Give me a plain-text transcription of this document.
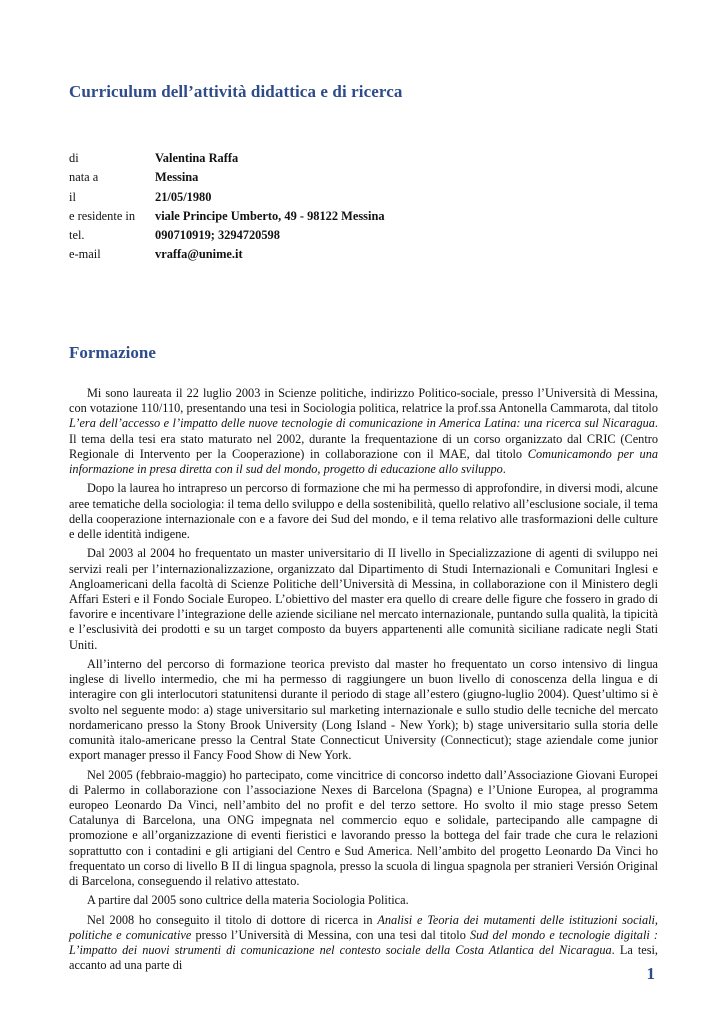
Curriculum dell’attività didattica e di ricerca
di	Valentina Raffa
nata a	Messina
il	21/05/1980
e residente in	viale Principe Umberto, 49 - 98122 Messina
tel.	090710919; 3294720598
e-mail	vraffa@unime.it
Formazione

Mi sono laureata il 22 luglio 2003 in Scienze politiche, indirizzo Politico-sociale, presso l’Università di Messina, con votazione 110/110, presentando una tesi in Sociologia politica, relatrice la prof.ssa Antonella Cammarota, dal titolo L’era dell’accesso e l’impatto delle nuove tecnologie di comunicazione in America Latina: una ricerca sul Nicaragua. Il tema della tesi era stato maturato nel 2002, durante la frequentazione di un corso organizzato dal CRIC (Centro Regionale di Intervento per la Cooperazione) in collaborazione con il MAE, dal titolo Comunicamondo per una informazione in presa diretta con il sud del mondo, progetto di educazione allo sviluppo.

Dopo la laurea ho intrapreso un percorso di formazione che mi ha permesso di approfondire, in diversi modi, alcune aree tematiche della sociologia: il tema dello sviluppo e della sostenibilità, quello relativo all’esclusione sociale, il tema della cooperazione internazionale con e a favore dei Sud del mondo, e il tema relativo alle trasformazioni delle culture e delle identità indigene.

Dal 2003 al 2004 ho frequentato un master universitario di II livello in Specializzazione di agenti di sviluppo nei servizi reali per l’internazionalizzazione, organizzato dal Dipartimento di Studi Internazionali e Comunitari Inglesi e Angloamericani della facoltà di Scienze Politiche dell’Università di Messina, in collaborazione con il Ministero degli Affari Esteri e il Fondo Sociale Europeo. L’obiettivo del master era quello di creare delle figure che fossero in grado di favorire e incentivare l’integrazione delle aziende siciliane nel mercato internazionale, puntando sulla qualità, la tipicità e l’esclusività dei prodotti e su un target composto da buyers appartenenti alle comunità siciliane radicate negli Stati Uniti.

All’interno del percorso di formazione teorica previsto dal master ho frequentato un corso intensivo di lingua inglese di livello intermedio, che mi ha permesso di raggiungere un buon livello di conoscenza della lingua e di interagire con gli interlocutori statunitensi durante il periodo di stage all’estero (giugno-luglio 2004). Quest’ultimo si è svolto nel seguente modo: a) stage universitario sul marketing internazionale e sullo studio delle tecniche del mercato nordamericano presso la Stony Brook University (Long Island - New York); b) stage universitario sulla storia delle comunità italo-americane presso la Central State Connecticut University (Connecticut); stage aziendale come junior export manager presso il Fancy Food Show di New York.

Nel 2005 (febbraio-maggio) ho partecipato, come vincitrice di concorso indetto dall’Associazione Giovani Europei di Palermo in collaborazione con l’associazione Nexes di Barcelona (Spagna) e l’Unione Europea, al programma europeo Leonardo Da Vinci, nell’ambito del no profit e del terzo settore. Ho svolto il mio stage presso Setem Catalunya di Barcelona, una ONG impegnata nel commercio equo e solidale, partecipando alle campagne di promozione e all’organizzazione di eventi fieristici e lavorando presso la bottega del fair trade che cura le relazioni soprattutto con i contadini e gli artigiani del Centro e Sud America. Nell’ambito del progetto Leonardo Da Vinci ho frequentato un corso di livello B II di lingua spagnola, presso la scuola di lingua spagnola per stranieri Versión Original di Barcelona, conseguendo il relativo attestato.

A partire dal 2005 sono cultrice della materia Sociologia Politica.

Nel 2008 ho conseguito il titolo di dottore di ricerca in Analisi e Teoria dei mutamenti delle istituzioni sociali, politiche e comunicative presso l’Università di Messina, con una tesi dal titolo Sud del mondo e tecnologie digitali : L’impatto dei nuovi strumenti di comunicazione nel contesto sociale della Costa Atlantica del Nicaragua. La tesi, accanto ad una parte di	1
